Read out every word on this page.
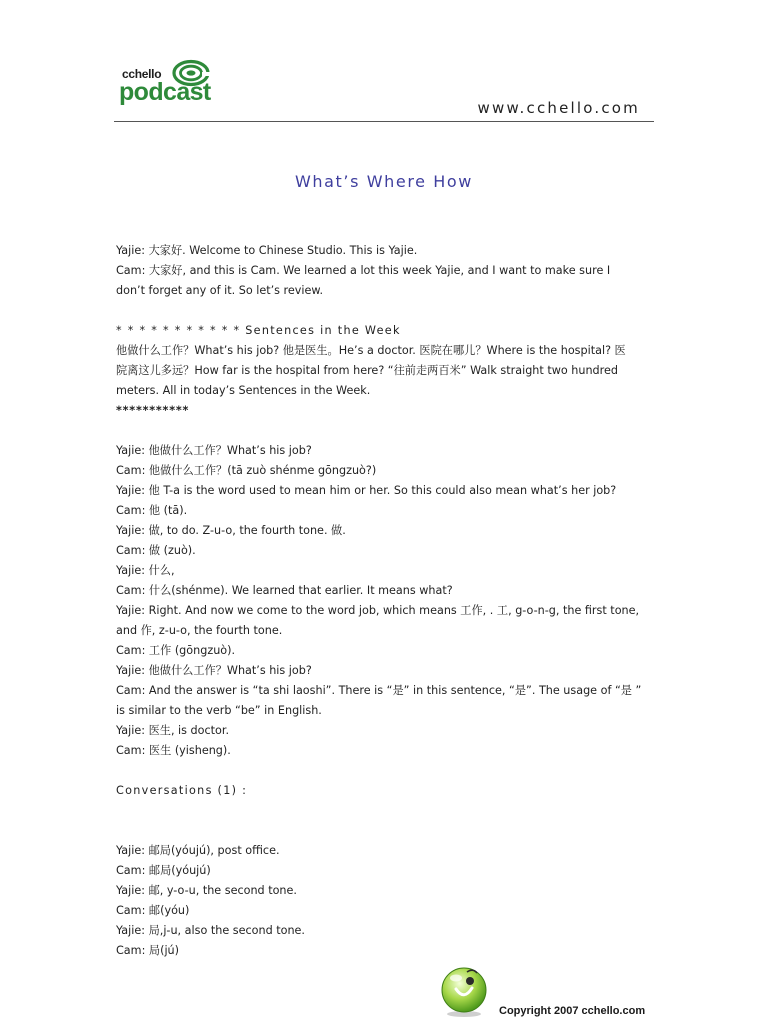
cchello
podcast
www.cchello.com
What’s Where How
Yajie: 大家好. Welcome to Chinese Studio. This is Yajie.
Cam: 大家好, and this is Cam. We learned a lot this week Yajie, and I want to make sure I
don’t forget any of it. So let’s review.
* * * * * * * * * * * Sentences in the Week
他做什么工作？What’s his job? 他是医生。He’s a doctor. 医院在哪儿？Where is the hospital? 医
院离这儿多远？How far is the hospital from here? “往前走两百米” Walk straight two hundred
meters. All in today’s Sentences in the Week.
***********
Yajie: 他做什么工作？What’s his job?
Cam: 他做什么工作？(tā zuò shénme gōngzuò?)
Yajie: 他 T-a is the word used to mean him or her. So this could also mean what’s her job?
Cam: 他 (tā).
Yajie: 做, to do. Z-u-o, the fourth tone. 做.
Cam: 做 (zuò).
Yajie: 什么,
Cam: 什么(shénme). We learned that earlier. It means what?
Yajie: Right. And now we come to the word job, which means 工作, . 工, g-o-n-g, the first tone,
and 作, z-u-o, the fourth tone.
Cam: 工作 (gōngzuò).
Yajie: 他做什么工作？What’s his job?
Cam: And the answer is “ta shi laoshi”. There is “是” in this sentence, “是”. The usage of “是 ”
is similar to the verb “be” in English.
Yajie: 医生, is doctor.
Cam: 医生 (yisheng).
Conversations (1) :
Yajie: 邮局(yóujú), post office.
Cam: 邮局(yóujú)
Yajie: 邮, y-o-u, the second tone.
Cam: 邮(yóu)
Yajie: 局,j-u, also the second tone.
Cam: 局(jú)
Copyright 2007 cchello.com
